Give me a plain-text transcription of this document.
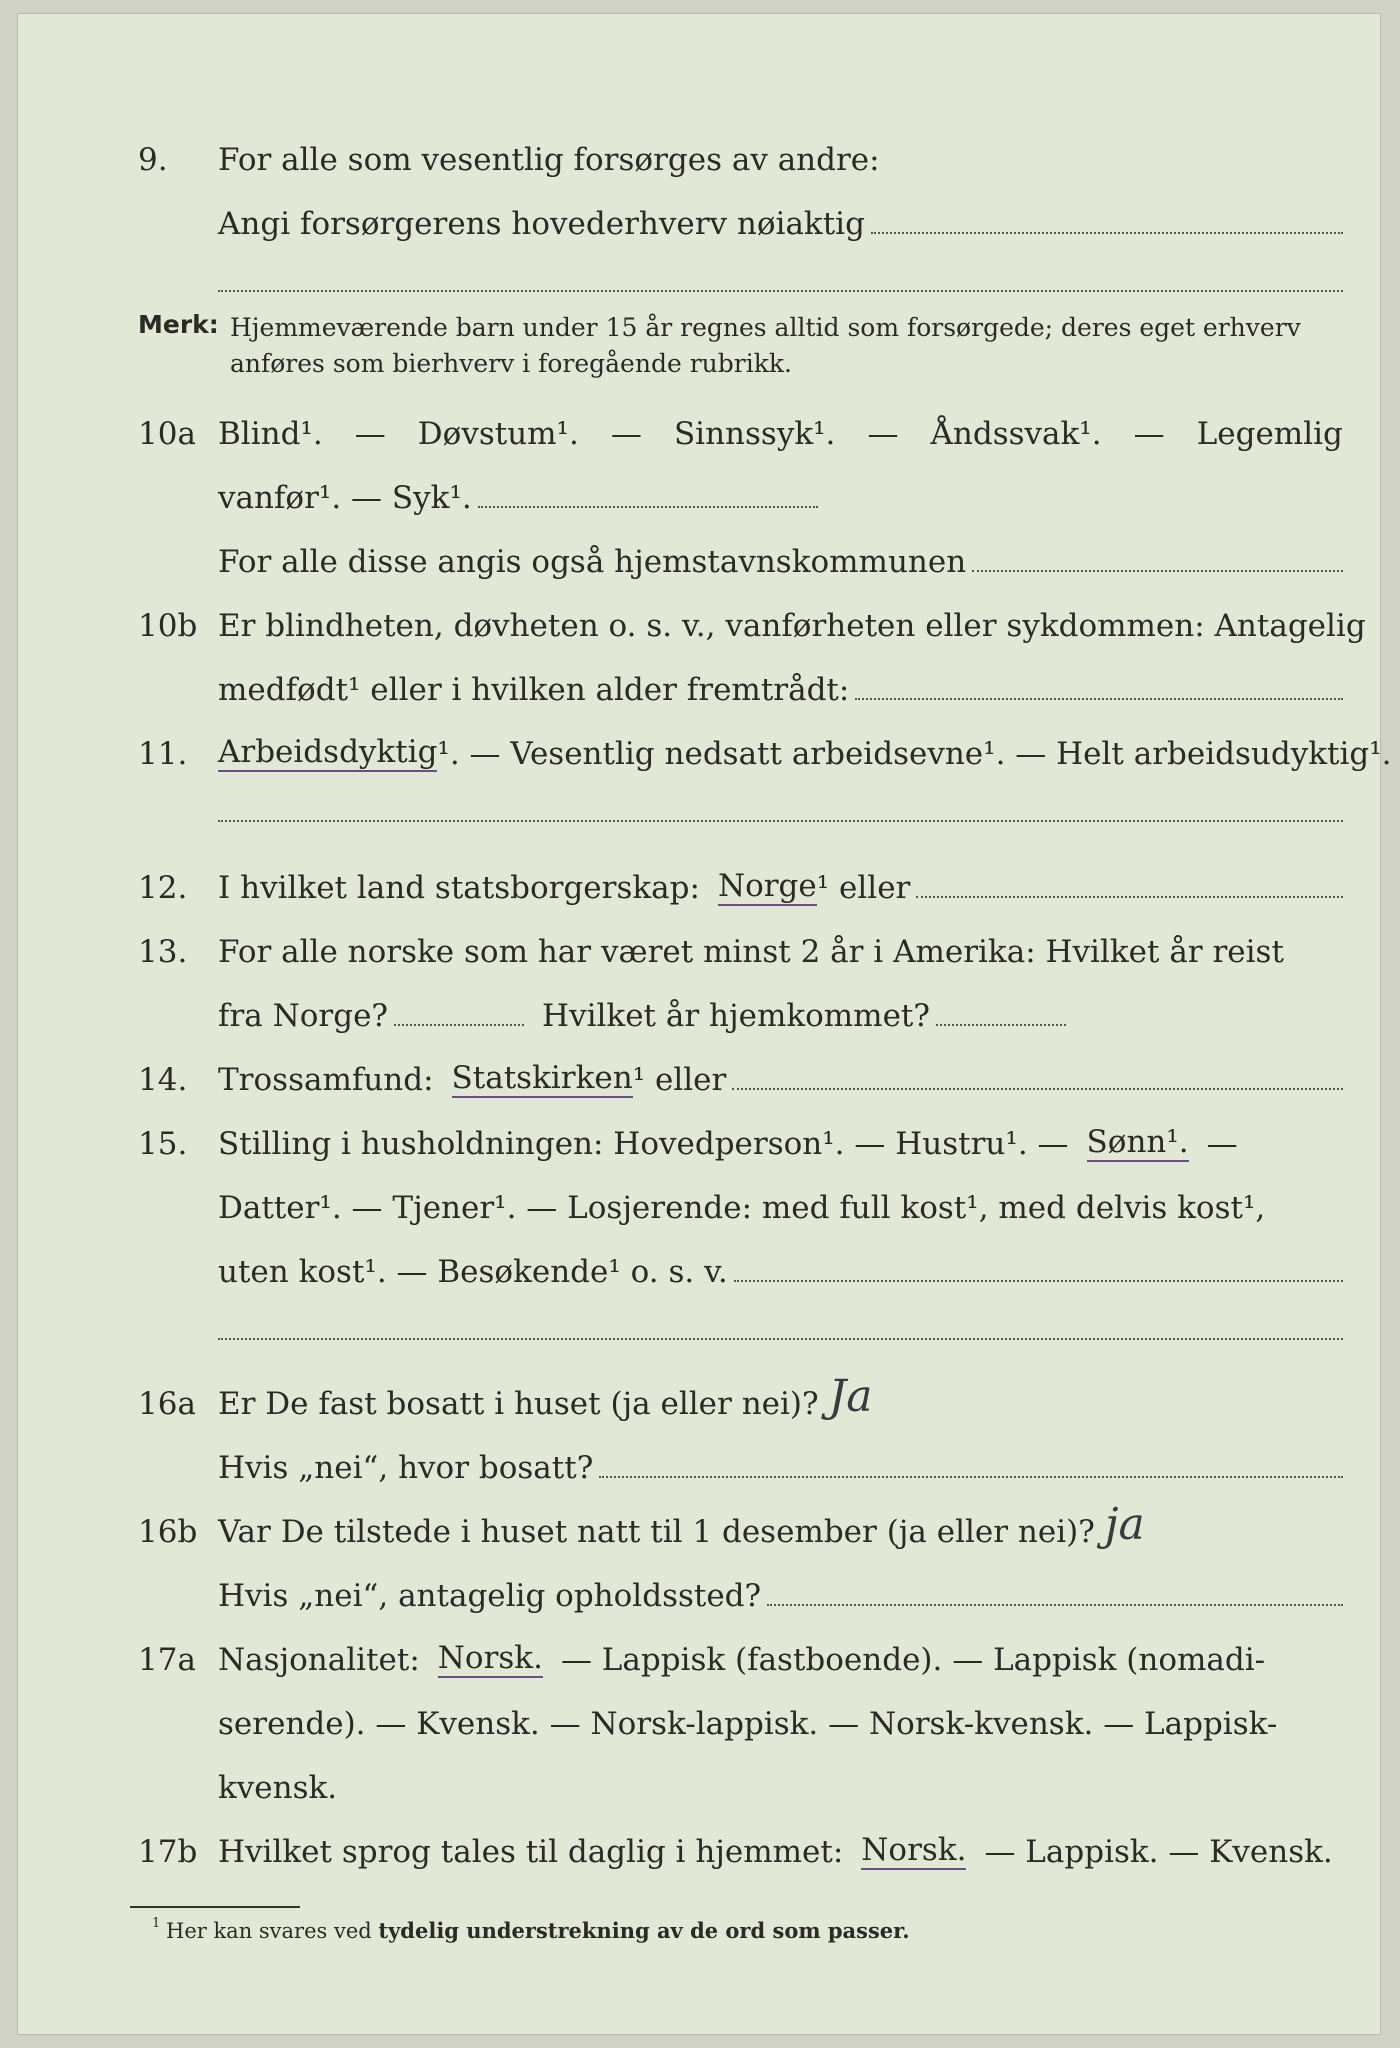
9.	For alle som vesentlig forsørges av andre:
Angi forsørgerens hovederhverv nøiaktig
Merk: Hjemmeværende barn under 15 år regnes alltid som forsørgede; deres eget erhverv
anføres som bierhverv i foregående rubrikk.
10a Blind¹. — Døvstum¹. — Sinnssyk¹. — Åndssvak¹. — Legemlig
vanfør¹. — Syk¹.
For alle disse angis også hjemstavnskommunen
10b Er blindheten, døvheten o. s. v., vanførheten eller sykdommen: Antagelig
medfødt¹ eller i hvilken alder fremtrådt:
11. Arbeidsdyktig ¹. — Vesentlig nedsatt arbeidsevne¹. — Helt arbeidsudyktig¹.
12. I hvilket land statsborgerskap: Norge ¹ eller
13. For alle norske som har været minst 2 år i Amerika: Hvilket år reist
fra Norge?	Hvilket år hjemkommet?
14. Trossamfund: Statskirken ¹ eller
15. Stilling i husholdningen: Hovedperson¹. — Hustru¹. — Sønn¹. —
Datter¹. — Tjener¹. — Losjerende: med full kost¹, med delvis kost¹,
uten kost¹. — Besøkende¹ o. s. v.
16a Er De fast bosatt i huset (ja eller nei)? Ja
Hvis „nei“, hvor bosatt?
16b Var De tilstede i huset natt til 1 desember (ja eller nei)? ja
Hvis „nei“, antagelig opholdssted?
17a Nasjonalitet: Norsk. — Lappisk (fastboende). — Lappisk (nomadi-
serende). — Kvensk. — Norsk-lappisk. — Norsk-kvensk. — Lappisk-
kvensk.
17b Hvilket sprog tales til daglig i hjemmet: Norsk. — Lappisk. — Kvensk.
1 Her kan svares ved tydelig understrekning av de ord som passer.
